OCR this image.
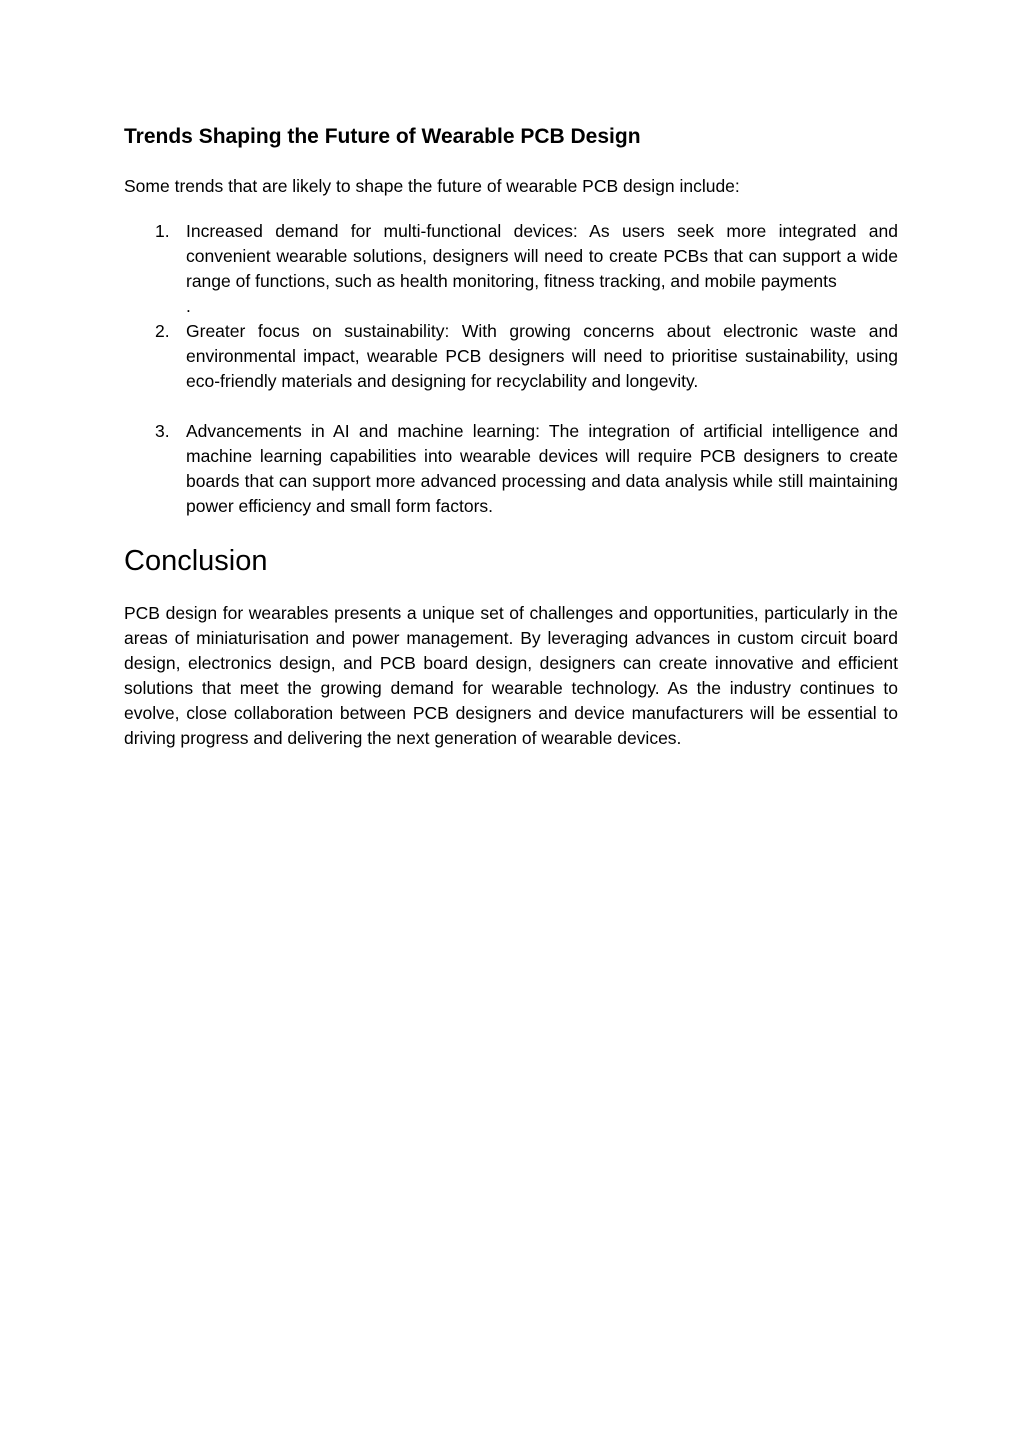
Trends Shaping the Future of Wearable PCB Design

Some trends that are likely to shape the future of wearable PCB design include:

1. Increased demand for multi-functional devices: As users seek more integrated and convenient wearable solutions, designers will need to create PCBs that can support a wide range of functions, such as health monitoring, fitness tracking, and mobile payments
.
2. Greater focus on sustainability: With growing concerns about electronic waste and environmental impact, wearable PCB designers will need to prioritise sustainability, using eco-friendly materials and designing for recyclability and longevity.
3. Advancements in AI and machine learning: The integration of artificial intelligence and machine learning capabilities into wearable devices will require PCB designers to create boards that can support more advanced processing and data analysis while still maintaining power efficiency and small form factors.
Conclusion

PCB design for wearables presents a unique set of challenges and opportunities, particularly in the areas of miniaturisation and power management. By leveraging advances in custom circuit board design, electronics design, and PCB board design, designers can create innovative and efficient solutions that meet the growing demand for wearable technology. As the industry continues to evolve, close collaboration between PCB designers and device manufacturers will be essential to driving progress and delivering the next generation of wearable devices.
